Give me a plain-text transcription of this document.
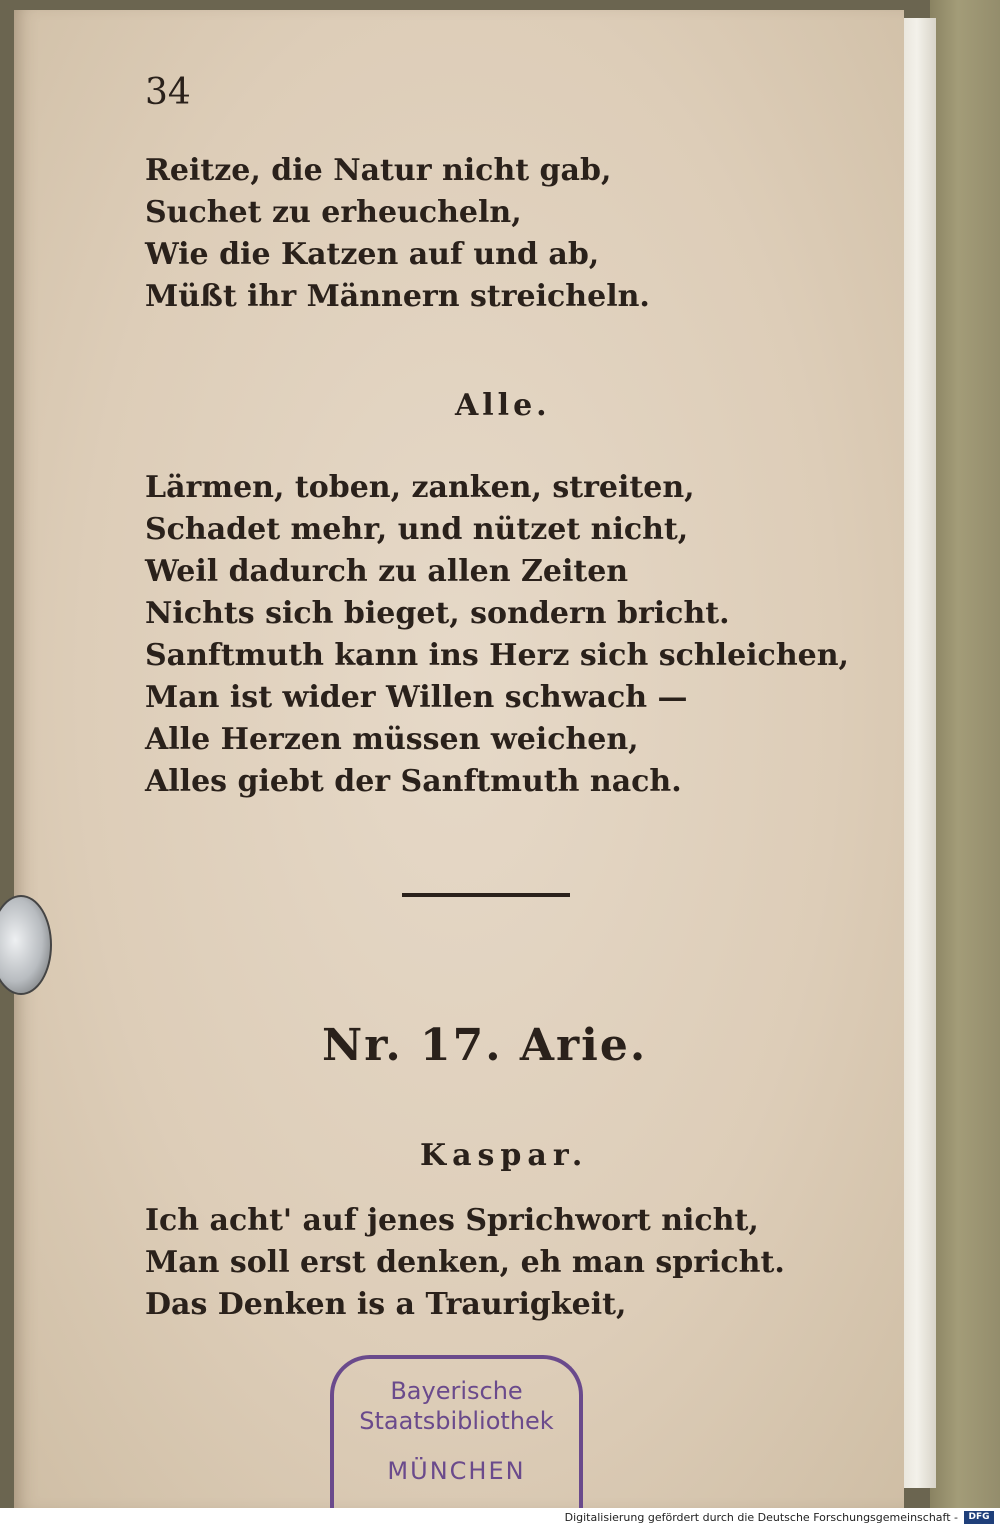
34
Reitze, die Natur nicht gab,
Suchet zu erheucheln,
Wie die Katzen auf und ab,
Müßt ihr Männern streicheln.
Alle.
Lärmen, toben, zanken, streiten,
Schadet mehr, und nützet nicht,
Weil dadurch zu allen Zeiten
Nichts sich bieget, sondern bricht.
Sanftmuth kann ins Herz sich schleichen,
Man ist wider Willen schwach —
Alle Herzen müssen weichen,
Alles giebt der Sanftmuth nach.
Nr. 17. Arie.
Kaspar.
Ich acht' auf jenes Sprichwort nicht,
Man soll erst denken, eh man spricht.
Das Denken is a Traurigkeit,
Bayerische
Staatsbibliothek
MÜNCHEN
Digitalisierung gefördert durch die Deutsche Forschungsgemeinschaft -	DFG
